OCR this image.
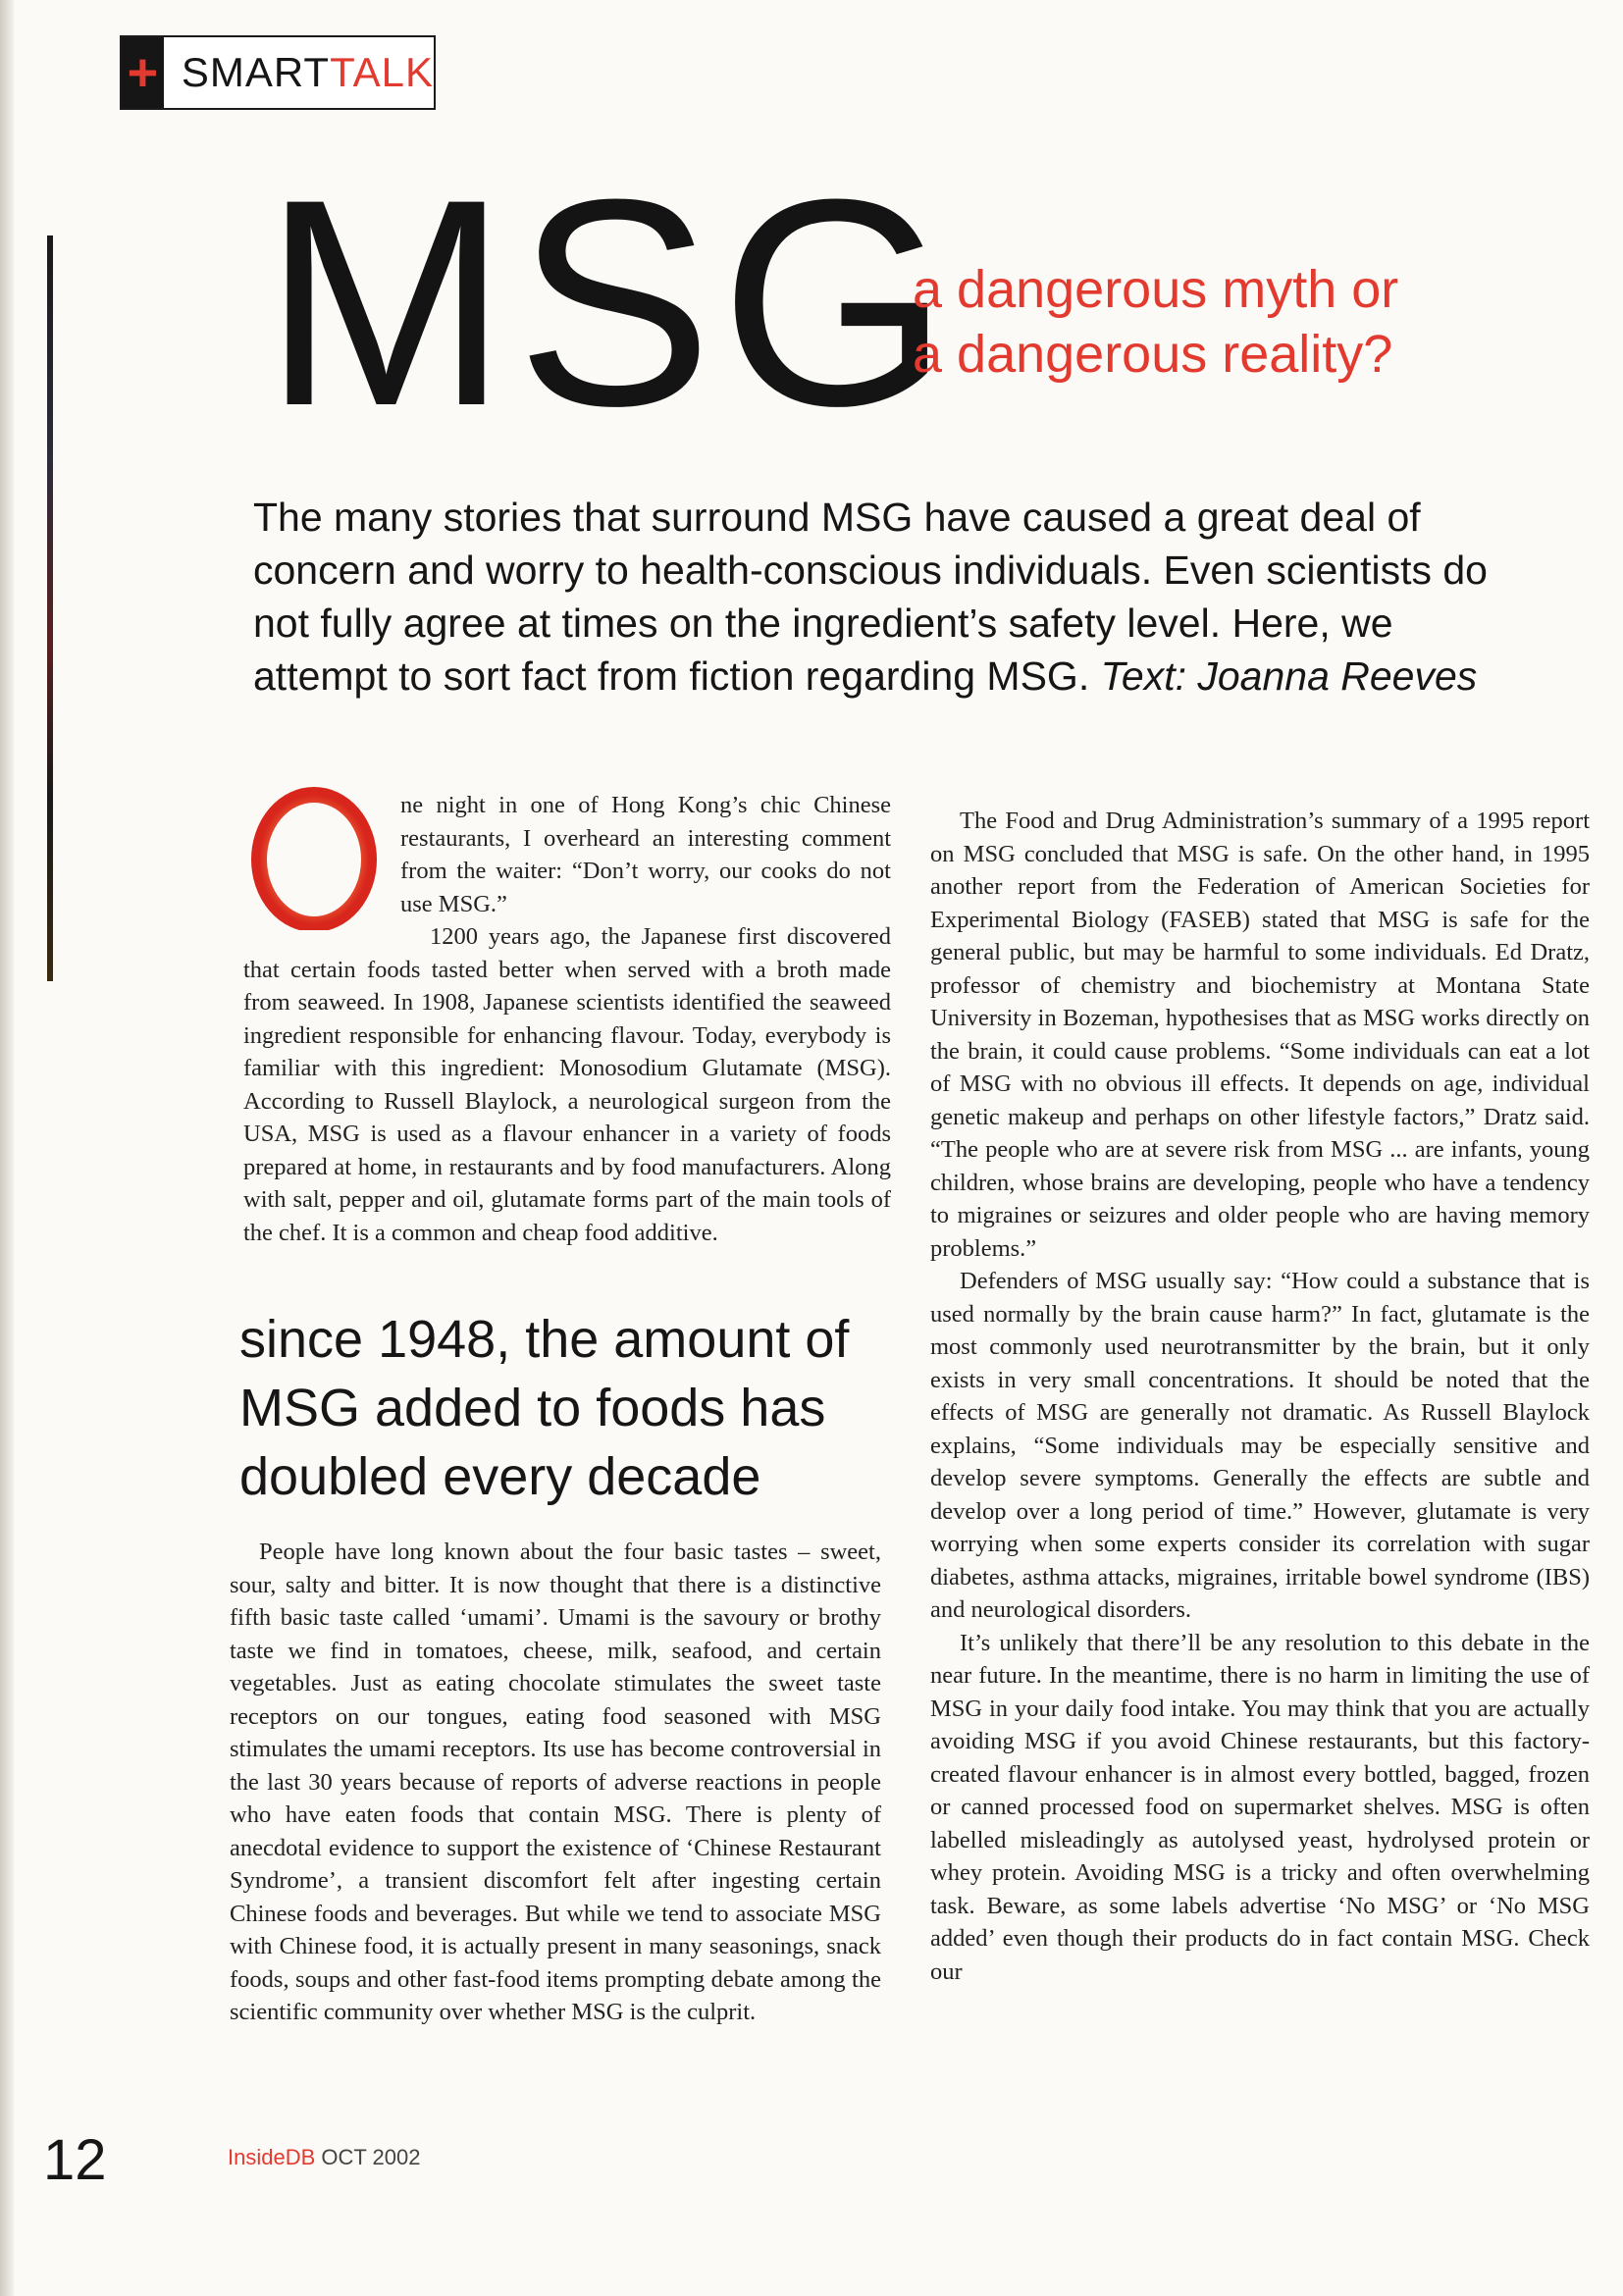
+ SMARTTALK
MSG
a dangerous myth or
a dangerous reality?
The many stories that surround MSG have caused a great deal of concern and worry to health-conscious individuals. Even scientists do not fully agree at times on the ingredient’s safety level. Here, we attempt to sort fact from fiction regarding MSG. Text: Joanna Reeves
O

ne night in one of Hong Kong’s chic Chinese restaurants, I overheard an interesting comment from the waiter: “Don’t worry, our cooks do not use MSG.”

1200 years ago, the Japanese first discovered that certain foods tasted better when served with a broth made from seaweed. In 1908, Japanese scientists identified the seaweed ingredient responsible for enhancing flavour. Today, everybody is familiar with this ingredient: Monosodium Glutamate (MSG). According to Russell Blaylock, a neurological surgeon from the USA, MSG is used as a flavour enhancer in a variety of foods prepared at home, in restaurants and by food manufacturers. Along with salt, pepper and oil, glutamate forms part of the main tools of the chef. It is a common and cheap food additive.

since 1948, the amount of MSG added to foods has doubled every decade

People have long known about the four basic tastes – sweet, sour, salty and bitter. It is now thought that there is a distinctive fifth basic taste called ‘umami’. Umami is the savoury or brothy taste we find in tomatoes, cheese, milk, seafood, and certain vegetables. Just as eating chocolate stimulates the sweet taste receptors on our tongues, eating food seasoned with MSG stimulates the umami receptors. Its use has become controversial in the last 30 years because of reports of adverse reactions in people who have eaten foods that contain MSG. There is plenty of anecdotal evidence to support the existence of ‘Chinese Restaurant Syndrome’, a transient discomfort felt after ingesting certain Chinese foods and beverages. But while we tend to associate MSG with Chinese food, it is actually present in many seasonings, snack foods, soups and other fast-food items prompting debate among the scientific community over whether MSG is the culprit.

The Food and Drug Administration’s summary of a 1995 report on MSG concluded that MSG is safe. On the other hand, in 1995 another report from the Federation of American Societies for Experimental Biology (FASEB) stated that MSG is safe for the general public, but may be harmful to some individuals. Ed Dratz, professor of chemistry and biochemistry at Montana State University in Bozeman, hypothesises that as MSG works directly on the brain, it could cause problems. “Some individuals can eat a lot of MSG with no obvious ill effects. It depends on age, individual genetic makeup and perhaps on other lifestyle factors,” Dratz said. “The people who are at severe risk from MSG ... are infants, young children, whose brains are developing, people who have a tendency to migraines or seizures and older people who are having memory problems.”

Defenders of MSG usually say: “How could a substance that is used normally by the brain cause harm?” In fact, glutamate is the most commonly used neurotransmitter by the brain, but it only exists in very small concentrations. It should be noted that the effects of MSG are generally not dramatic. As Russell Blaylock explains, “Some individuals may be especially sensitive and develop severe symptoms. Generally the effects are subtle and develop over a long period of time.” However, glutamate is very worrying when some experts consider its correlation with sugar diabetes, asthma attacks, migraines, irritable bowel syndrome (IBS) and neurological disorders.

It’s unlikely that there’ll be any resolution to this debate in the near future. In the meantime, there is no harm in limiting the use of MSG in your daily food intake. You may think that you are actually avoiding MSG if you avoid Chinese restaurants, but this factory-created flavour enhancer is in almost every bottled, bagged, frozen or canned processed food on supermarket shelves. MSG is often labelled misleadingly as autolysed yeast, hydrolysed protein or whey protein. Avoiding MSG is a tricky and often overwhelming task. Beware, as some labels advertise ‘No MSG’ or ‘No MSG added’ even though their products do in fact contain MSG. Check our

12	InsideDB OCT 2002
